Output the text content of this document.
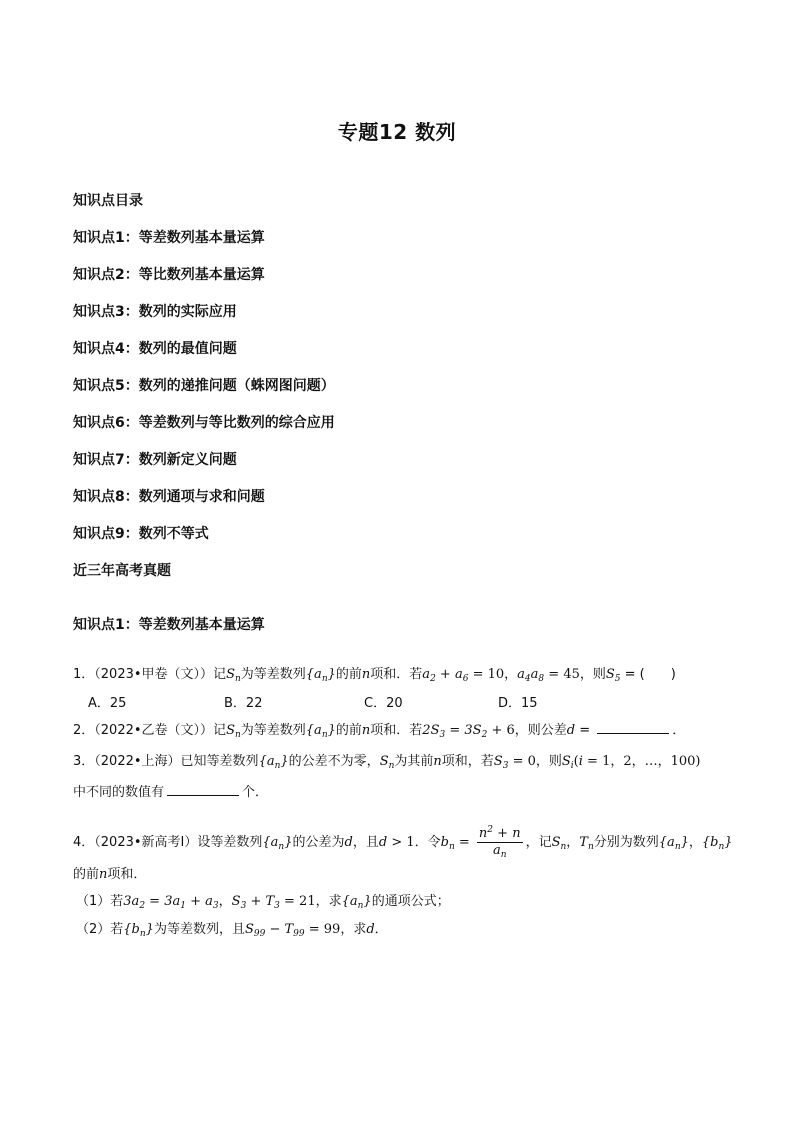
专题12 数列
知识点目录
知识点1：等差数列基本量运算
知识点2：等比数列基本量运算
知识点3：数列的实际应用
知识点4：数列的最值问题
知识点5：数列的递推问题（蛛网图问题）
知识点6：等差数列与等比数列的综合应用
知识点7：数列新定义问题
知识点8：数列通项与求和问题
知识点9：数列不等式
近三年高考真题
知识点1：等差数列基本量运算
1．（2023•甲卷（文））记$S_n$为等差数列$\{a_n\}$的前n项和．若$a_2 + a_6 = 10$，$a_4a_8 = 45$，则$S_5$ = (　　)
A．25	B．22	C．20	D．15
2．（2022•乙卷（文））记$S_n$为等差数列$\{a_n\}$的前n项和．若$2S_3 = 3S_2 + 6$，则公差d =	．
3．（2022•上海）已知等差数列$\{a_n\}$的公差不为零，$S_n$为其前n项和，若$S_3 = 0$，则$S_i(i = 1$，2，…，100)
中不同的数值有	个．
4．（2023•新高考Ⅰ）设等差数列$\{a_n\}$的公差为d，且d > 1．令$b_n = \frac{n^2 + n}{a_n}$ ，记$S_n$，$T_n$分别为数列$\{a_n\}$，$\{b_n\}$
的前n项和．
（1）若$3a_2 = 3a_1 + a_3$，$S_3 + T_3 = 21$，求$\{a_n\}$的通项公式；
（2）若$\{b_n\}$为等差数列，且$S_{99} - T_{99} = 99$，求d．
